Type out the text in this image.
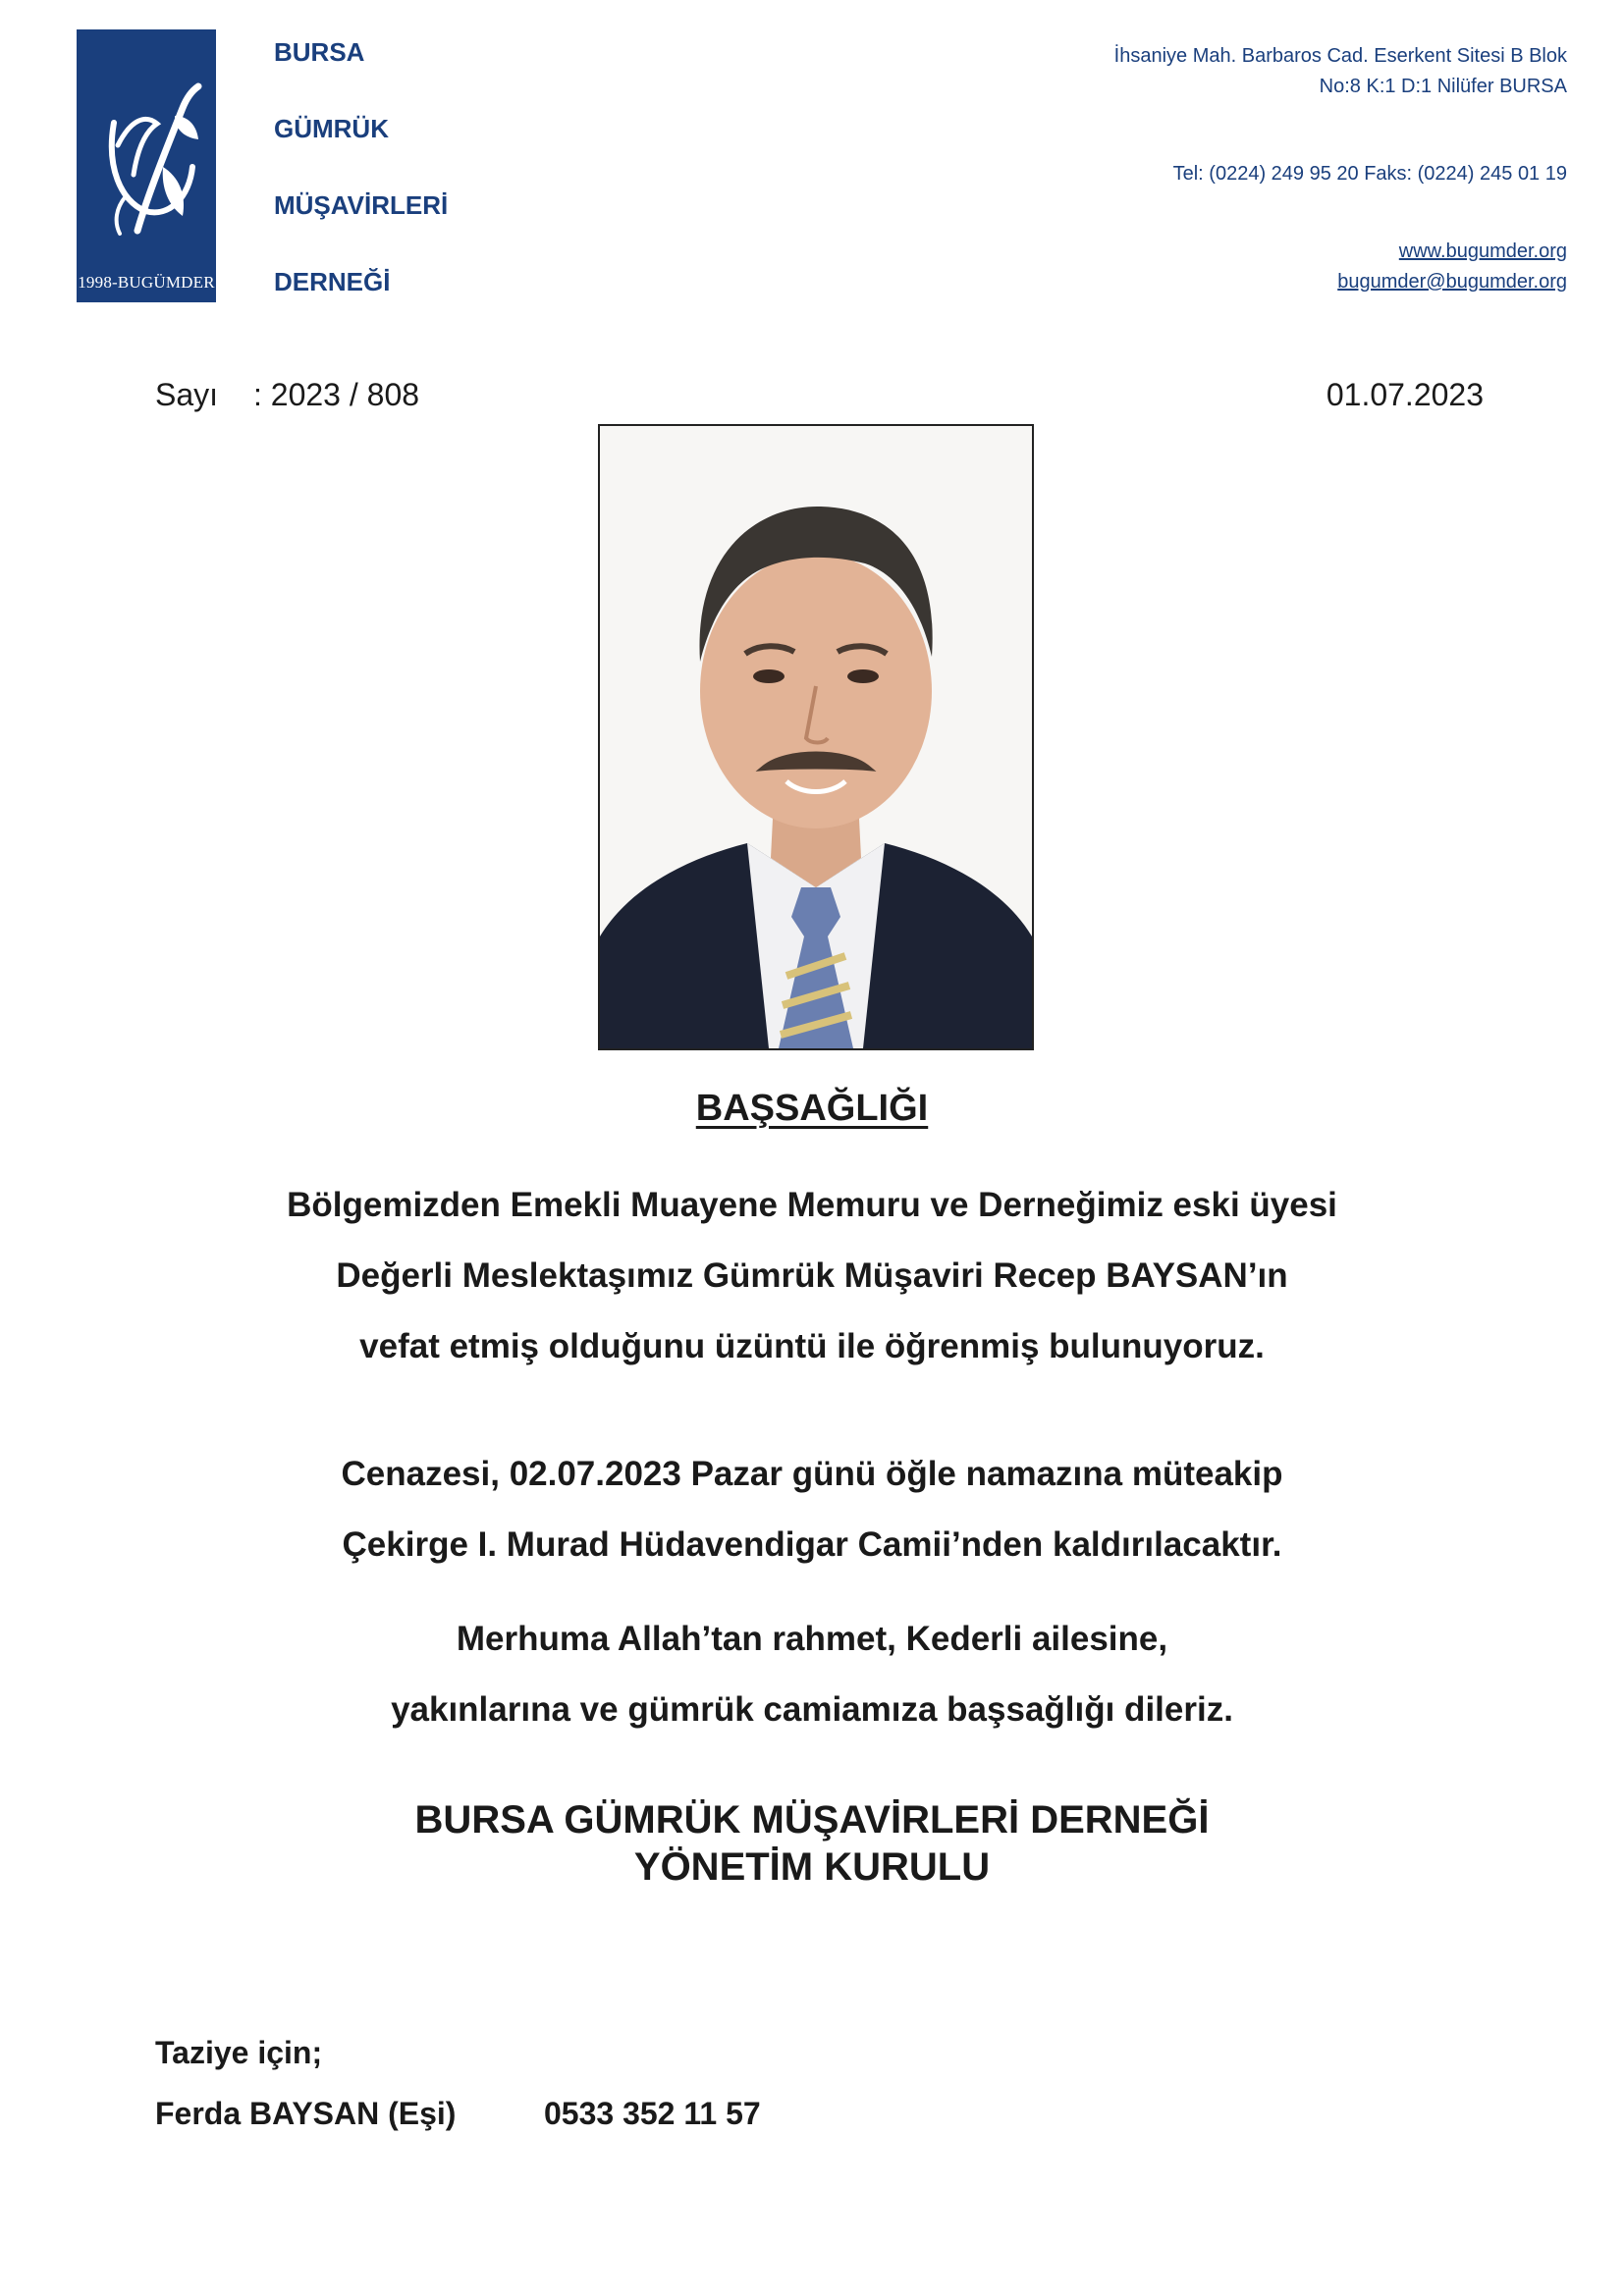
1998-BUGÜMDER
BURSA
GÜMRÜK
MÜŞAVİRLERİ
DERNEĞİ
İhsaniye Mah. Barbaros Cad. Eserkent Sitesi B Blok
No:8 K:1 D:1 Nilüfer BURSA
Tel: (0224) 249 95 20 Faks: (0224) 245 01 19
www.bugumder.org
bugumder@bugumder.org
Sayı : 2023 / 808	01.07.2023
BAŞSAĞLIĞI
Bölgemizden Emekli Muayene Memuru ve Derneğimiz eski üyesi
Değerli Meslektaşımız Gümrük Müşaviri Recep BAYSAN’ın
vefat etmiş olduğunu üzüntü ile öğrenmiş bulunuyoruz.
Cenazesi, 02.07.2023 Pazar günü öğle namazına müteakip
Çekirge I. Murad Hüdavendigar Camii’nden kaldırılacaktır.
Merhuma Allah’tan rahmet, Kederli ailesine,
yakınlarına ve gümrük camiamıza başsağlığı dileriz.
BURSA GÜMRÜK MÜŞAVİRLERİ DERNEĞİ
YÖNETİM KURULU
Taziye için;
Ferda BAYSAN (Eşi)	0533 352 11 57
